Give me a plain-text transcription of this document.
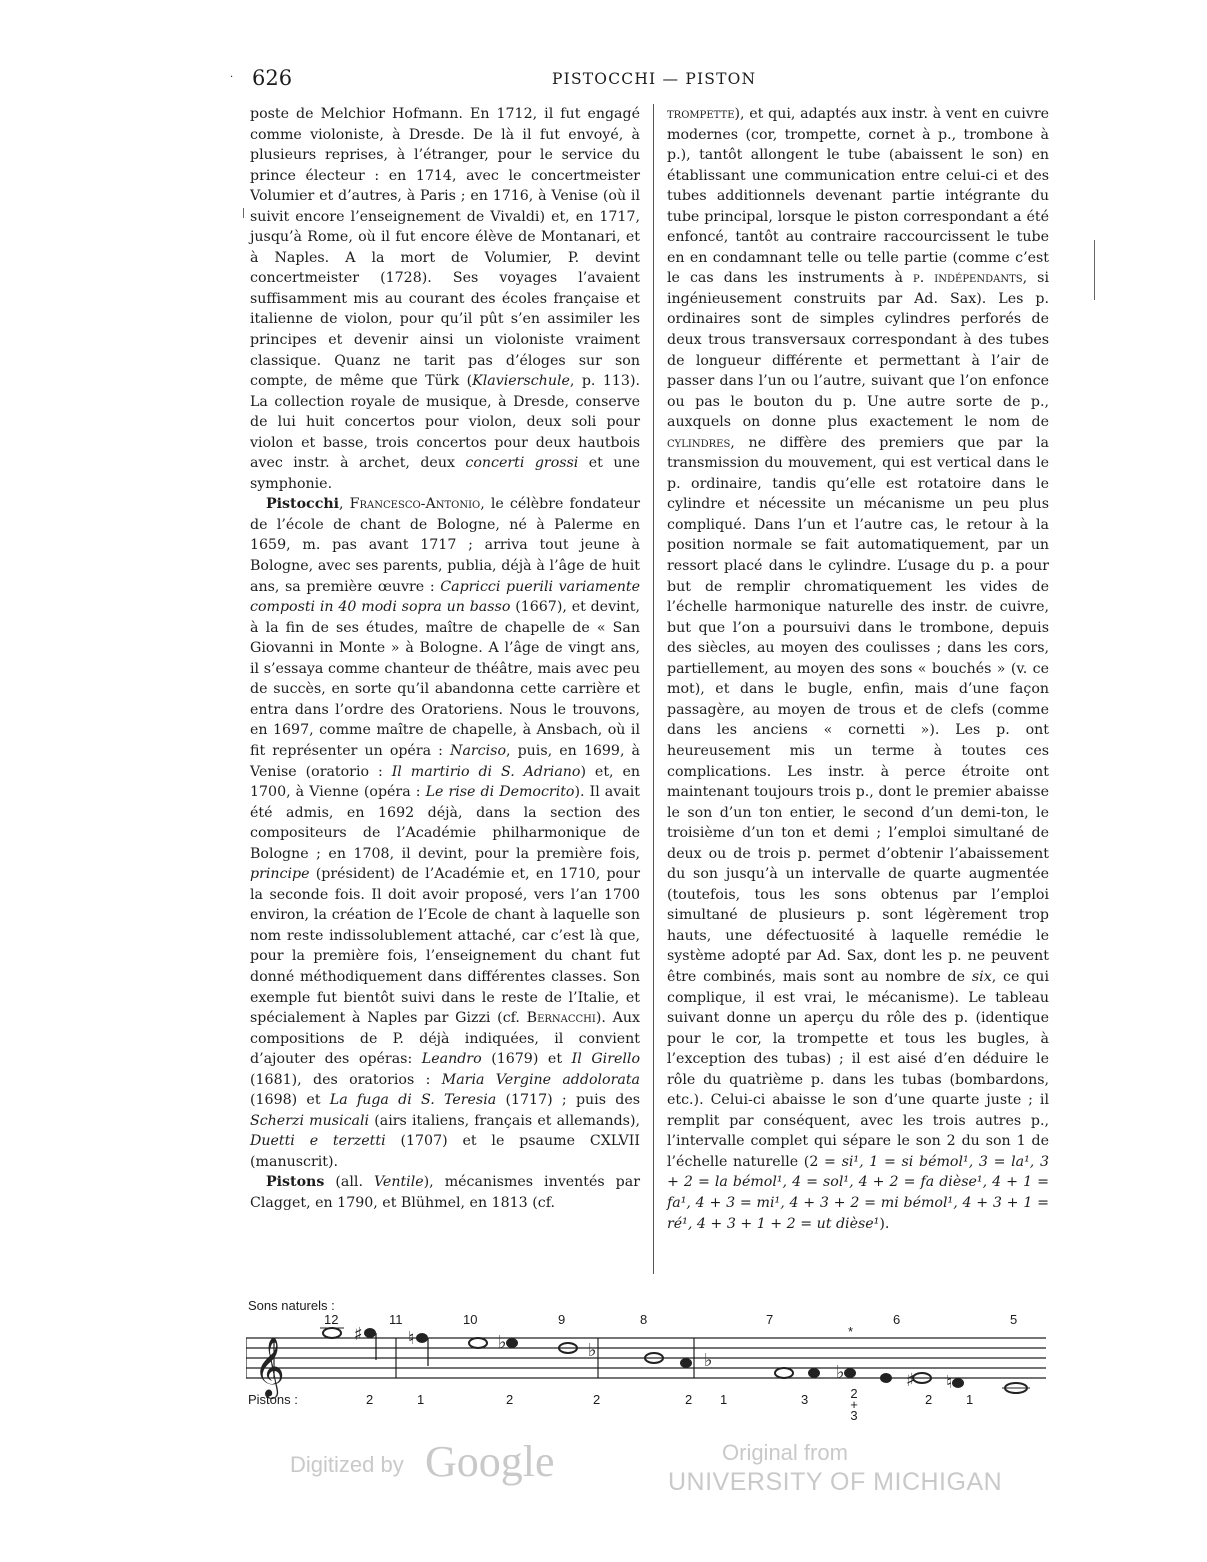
· 626	PISTOCCHI — PISTON

poste de Melchior Hofmann. En 1712, il fut engagé comme violoniste, à Dresde. De là il fut envoyé, à plusieurs reprises, à l’étranger, pour le service du prince électeur : en 1714, avec le concertmeister Volumier et d’autres, à Paris ; en 1716, à Venise (où il suivit encore l’enseignement de Vivaldi) et, en 1717, jusqu’à Rome, où il fut encore élève de Montanari, et à Naples. A la mort de Volumier, P. devint concertmeister (1728). Ses voyages l’avaient suffisamment mis au courant des écoles française et italienne de violon, pour qu’il pût s’en assimiler les principes et devenir ainsi un violoniste vraiment classique. Quanz ne tarit pas d’éloges sur son compte, de même que Türk (Klavierschule, p. 113). La collection royale de musique, à Dresde, conserve de lui huit concertos pour violon, deux soli pour violon et basse, trois concertos pour deux hautbois avec instr. à archet, deux concerti grossi et une symphonie.

Pistocchi, Francesco-Antonio, le célèbre fondateur de l’école de chant de Bologne, né à Palerme en 1659, m. pas avant 1717 ; arriva tout jeune à Bologne, avec ses parents, publia, déjà à l’âge de huit ans, sa première œuvre : Capricci puerili variamente composti in 40 modi sopra un basso (1667), et devint, à la fin de ses études, maître de chapelle de « San Giovanni in Monte » à Bologne. A l’âge de vingt ans, il s’essaya comme chanteur de théâtre, mais avec peu de succès, en sorte qu’il abandonna cette carrière et entra dans l’ordre des Oratoriens. Nous le trouvons, en 1697, comme maître de chapelle, à Ansbach, où il fit représenter un opéra : Narciso, puis, en 1699, à Venise (oratorio : Il martirio di S. Adriano) et, en 1700, à Vienne (opéra : Le rise di Democrito). Il avait été admis, en 1692 déjà, dans la section des compositeurs de l’Académie philharmonique de Bologne ; en 1708, il devint, pour la première fois, principe (président) de l’Académie et, en 1710, pour la seconde fois. Il doit avoir proposé, vers l’an 1700 environ, la création de l’Ecole de chant à laquelle son nom reste indissolublement attaché, car c’est là que, pour la première fois, l’enseignement du chant fut donné méthodiquement dans différentes classes. Son exemple fut bientôt suivi dans le reste de l’Italie, et spécialement à Naples par Gizzi (cf. Bernacchi). Aux compositions de P. déjà indiquées, il convient d’ajouter des opéras: Leandro (1679) et Il Girello (1681), des oratorios : Maria Vergine addolorata (1698) et La fuga di S. Teresia (1717) ; puis des Scherzi musicali (airs italiens, français et allemands), Duetti e terzetti (1707) et le psaume CXLVII (manuscrit).

Pistons (all. Ventile), mécanismes inventés par Clagget, en 1790, et Blühmel, en 1813 (cf.

trompette), et qui, adaptés aux instr. à vent en cuivre modernes (cor, trompette, cornet à p., trombone à p.), tantôt allongent le tube (abaissent le son) en établissant une communication entre celui-ci et des tubes additionnels devenant partie intégrante du tube principal, lorsque le piston correspondant a été enfoncé, tantôt au contraire raccourcissent le tube en en condamnant telle ou telle partie (comme c’est le cas dans les instruments à p. indépendants, si ingénieusement construits par Ad. Sax). Les p. ordinaires sont de simples cylindres perforés de deux trous transversaux correspondant à des tubes de longueur différente et permettant à l’air de passer dans l’un ou l’autre, suivant que l’on enfonce ou pas le bouton du p. Une autre sorte de p., auxquels on donne plus exactement le nom de cylindres, ne diffère des premiers que par la transmission du mouvement, qui est vertical dans le p. ordinaire, tandis qu’elle est rotatoire dans le cylindre et nécessite un mécanisme un peu plus compliqué. Dans l’un et l’autre cas, le retour à la position normale se fait automatiquement, par un ressort placé dans le cylindre. L’usage du p. a pour but de remplir chromatiquement les vides de l’échelle harmonique naturelle des instr. de cuivre, but que l’on a poursuivi dans le trombone, depuis des siècles, au moyen des coulisses ; dans les cors, partiellement, au moyen des sons « bouchés » (v. ce mot), et dans le bugle, enfin, mais d’une façon passagère, au moyen de trous et de clefs (comme dans les anciens « cornetti »). Les p. ont heureusement mis un terme à toutes ces complications. Les instr. à perce étroite ont maintenant toujours trois p., dont le premier abaisse le son d’un ton entier, le second d’un demi-ton, le troisième d’un ton et demi ; l’emploi simultané de deux ou de trois p. permet d’obtenir l’abaissement du son jusqu’à un intervalle de quarte augmentée (toutefois, tous les sons obtenus par l’emploi simultané de plusieurs p. sont légèrement trop hauts, une défectuosité à laquelle remédie le système adopté par Ad. Sax, dont les p. ne peuvent être combinés, mais sont au nombre de six, ce qui complique, il est vrai, le mécanisme). Le tableau suivant donne un aperçu du rôle des p. (identique pour le cor, la trompette et tous les bugles, à l’exception des tubas) ; il est aisé d’en déduire le rôle du quatrième p. dans les tubas (bombardons, etc.). Celui-ci abaisse le son d’une quarte juste ; il remplit par conséquent, avec les trois autres p., l’intervalle complet qui sépare le son 2 du son 1 de l’échelle naturelle (2 = si¹, 1 = si bémol¹, 3 = la¹, 3 + 2 = la bémol¹, 4 = sol¹, 4 + 2 = fa dièse¹, 4 + 1 = fa¹, 4 + 3 = mi¹, 4 + 3 + 2 = mi bémol¹, 4 + 3 + 1 = ré¹, 4 + 3 + 1 + 2 = ut dièse¹).

Sons naturels :
Pistons :
12	11	10	9	8	7	6	5
*
𝄞
♯	♮	♭	♭	♭
♭	♯ ♮
2	1	2	2	2 1	3	2
+
3
2	1
Digitized by Google	Original from
UNIVERSITY OF MICHIGAN
